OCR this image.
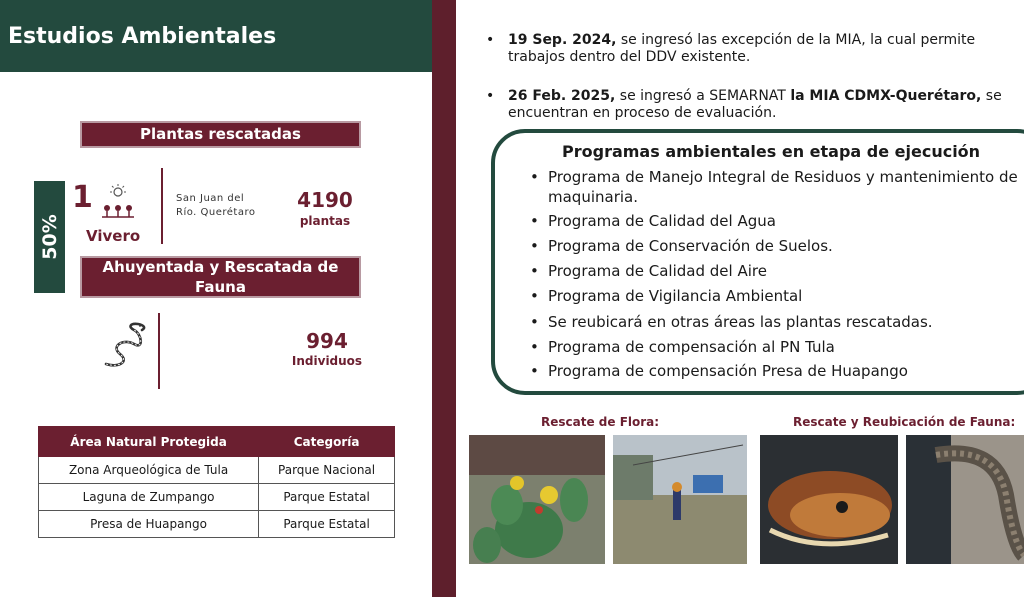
Estudios Ambientales
Plantas rescatadas
50%
1
Vivero
San Juan del
Río. Querétaro
4190
plantas
Ahuyentada y Rescatada de
Fauna
994
Individuos
Área Natural Protegida	Categoría
Zona Arqueológica de Tula	Parque Nacional
Laguna de Zumpango	Parque Estatal
Presa de Huapango	Parque Estatal
• 19 Sep. 2024, se ingresó las excepción de la MIA, la cual permite
trabajos dentro del DDV existente.
• 26 Feb. 2025, se ingresó a SEMARNAT la MIA CDMX-Querétaro, se
encuentran en proceso de evaluación.
Programas ambientales en etapa de ejecución
• Programa de Manejo Integral de Residuos y mantenimiento de
maquinaria.
• Programa de Calidad del Agua
• Programa de Conservación de Suelos.
• Programa de Calidad del Aire
• Programa de Vigilancia Ambiental
• Se reubicará en otras áreas las plantas rescatadas.
• Programa de compensación al PN Tula
• Programa de compensación Presa de Huapango
Rescate de Flora:	Rescate y Reubicación de Fauna:
